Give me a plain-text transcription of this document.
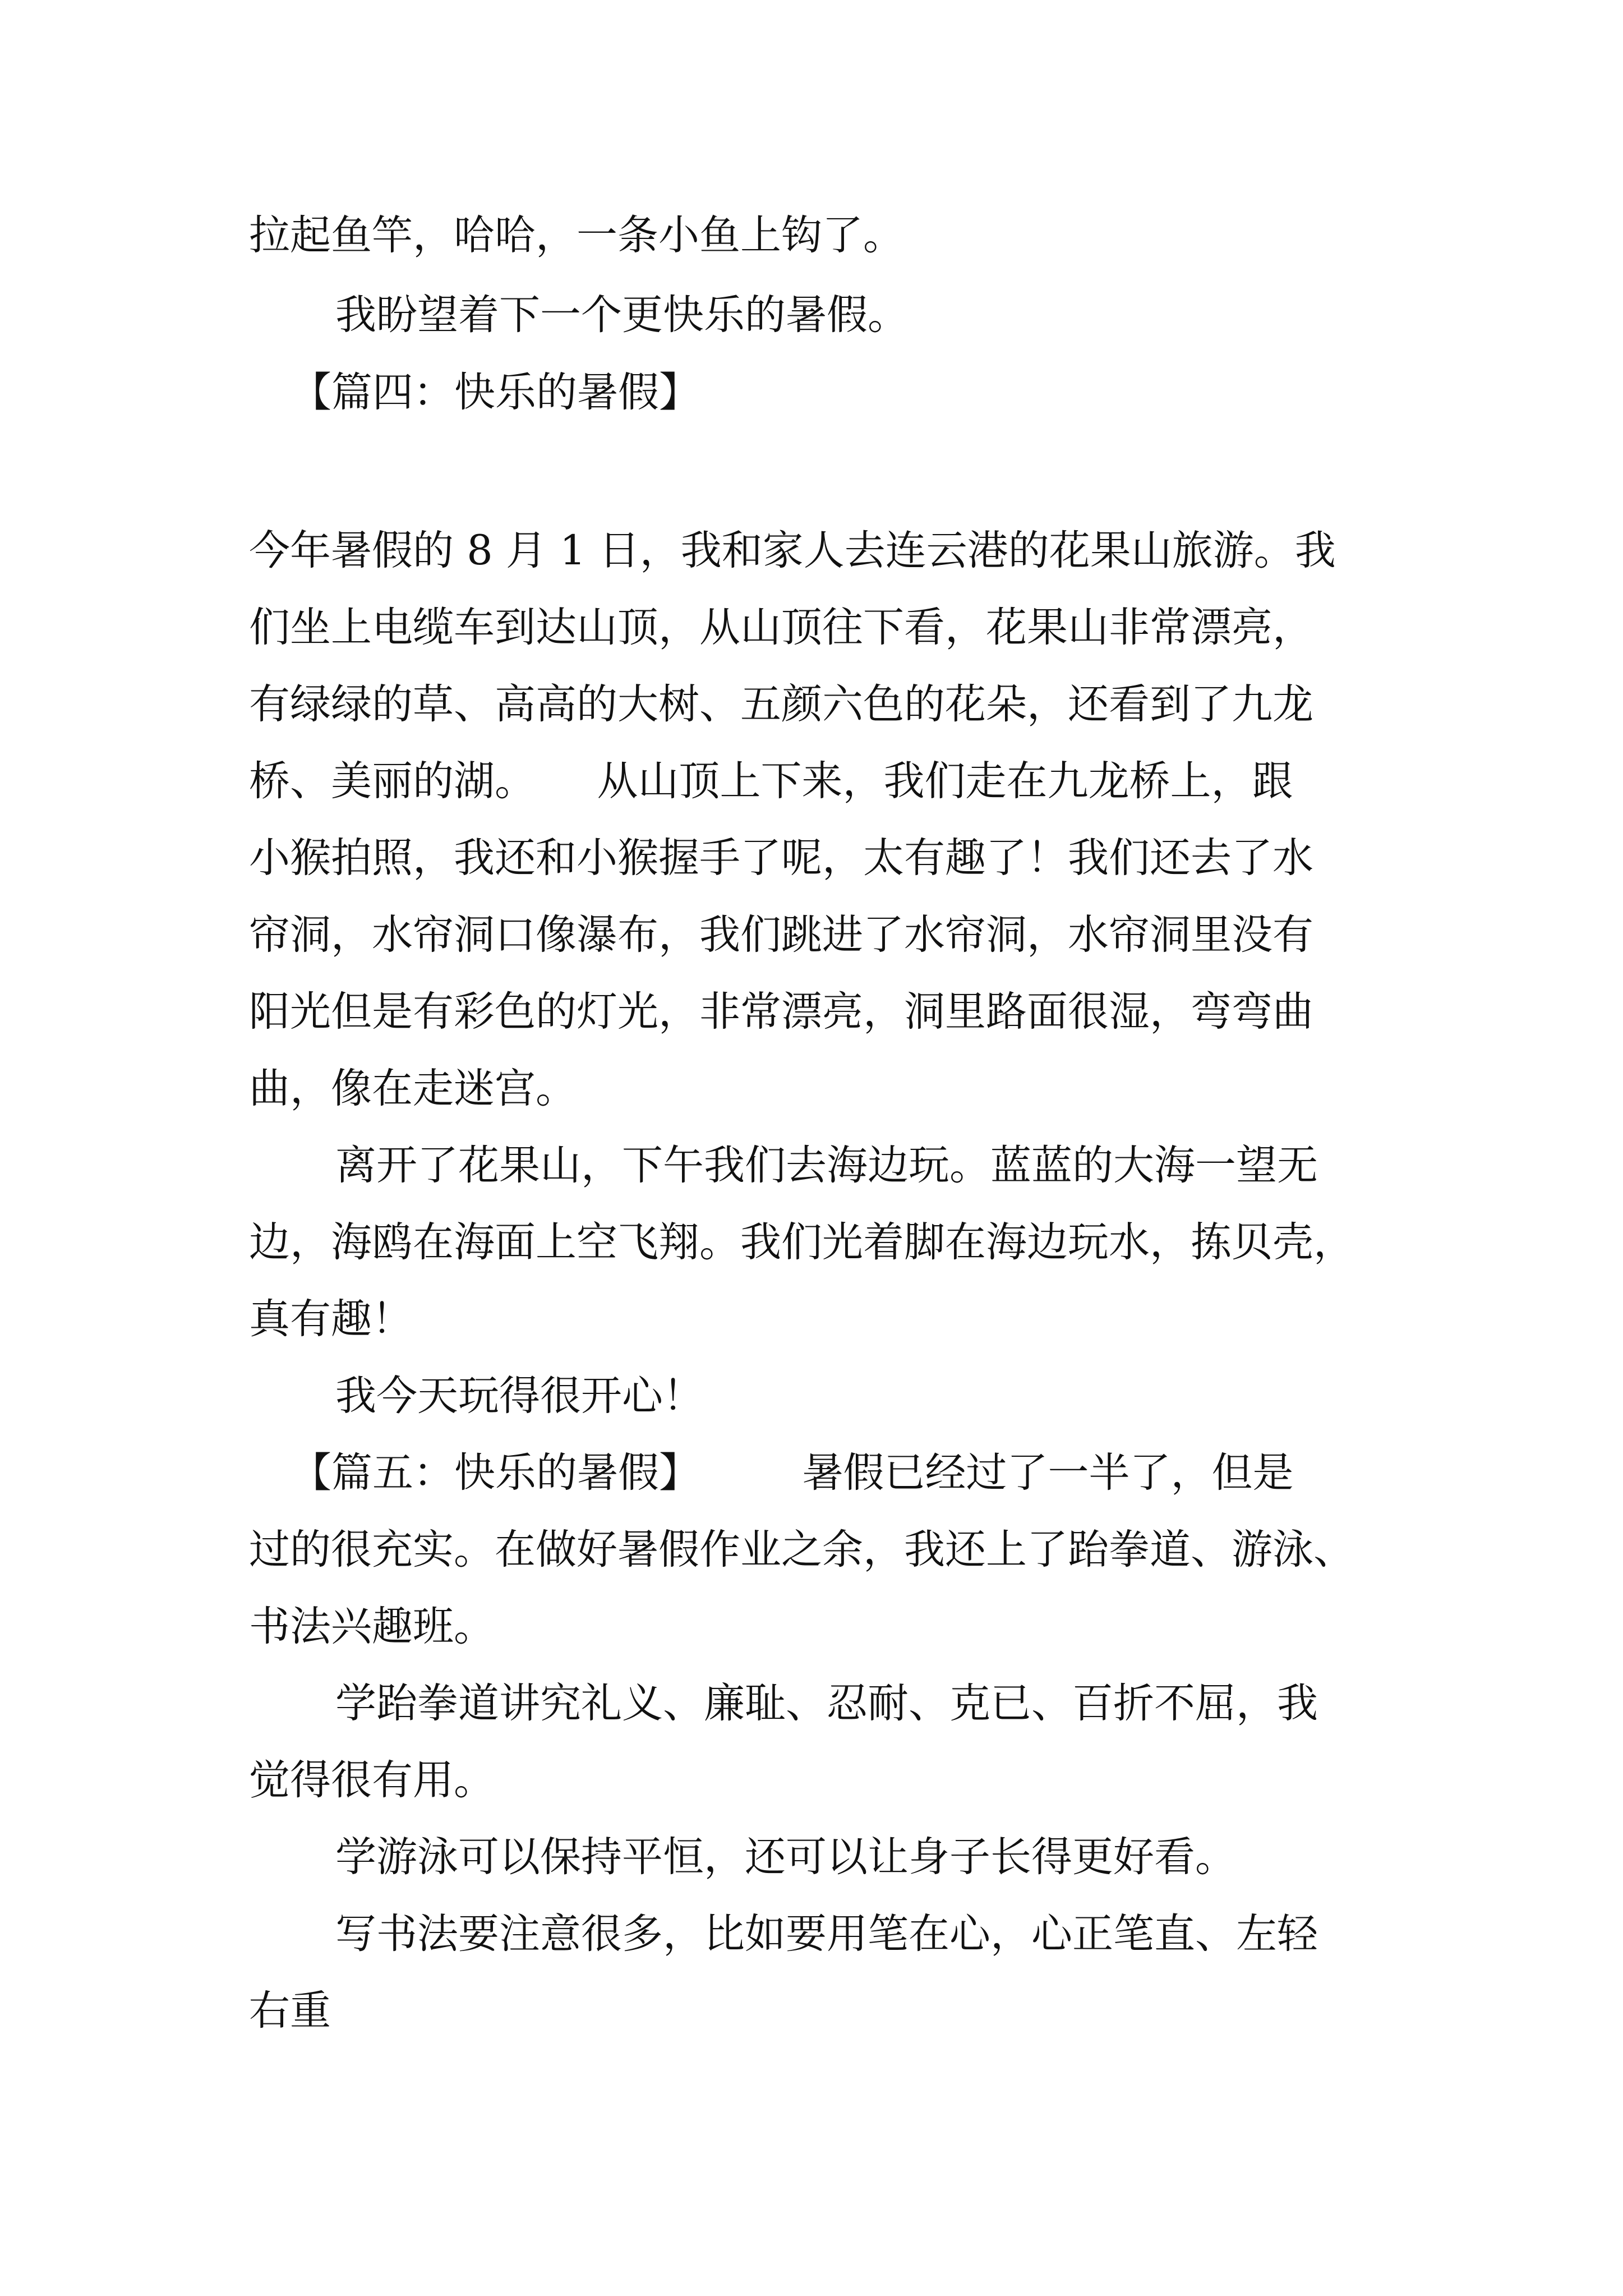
拉起鱼竿，哈哈，一条小鱼上钩了。
我盼望着下一个更快乐的暑假。
【篇四：快乐的暑假】
今年暑假的 8 月 1 日，我和家人去连云港的花果山旅游。我
们坐上电缆车到达山顶，从山顶往下看，花果山非常漂亮，
有绿绿的草、高高的大树、五颜六色的花朵，还看到了九龙
桥、美丽的湖。　　从山顶上下来，我们走在九龙桥上，跟
小猴拍照，我还和小猴握手了呢，太有趣了！我们还去了水
帘洞，水帘洞口像瀑布，我们跳进了水帘洞，水帘洞里没有
阳光但是有彩色的灯光，非常漂亮，洞里路面很湿，弯弯曲
曲，像在走迷宫。
离开了花果山，下午我们去海边玩。蓝蓝的大海一望无
边，海鸥在海面上空飞翔。我们光着脚在海边玩水，拣贝壳，
真有趣！
我今天玩得很开心！
【篇五：快乐的暑假】　　　暑假已经过了一半了，但是
过的很充实。在做好暑假作业之余，我还上了跆拳道、游泳、
书法兴趣班。
学跆拳道讲究礼义、廉耻、忍耐、克已、百折不屈，我
觉得很有用。
学游泳可以保持平恒，还可以让身子长得更好看。
写书法要注意很多，比如要用笔在心，心正笔直、左轻
右重
